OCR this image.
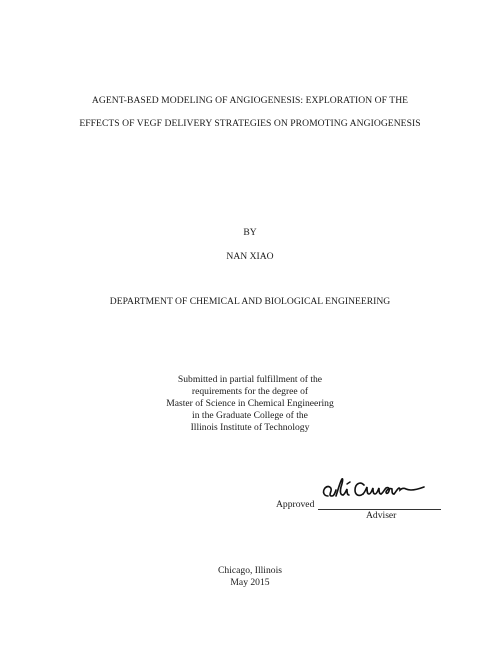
AGENT-BASED MODELING OF ANGIOGENESIS: EXPLORATION OF THE
EFFECTS OF VEGF DELIVERY STRATEGIES ON PROMOTING ANGIOGENESIS
BY
NAN XIAO
DEPARTMENT OF CHEMICAL AND BIOLOGICAL ENGINEERING
Submitted in partial fulfillment of the
requirements for the degree of
Master of Science in Chemical Engineering
in the Graduate College of the
Illinois Institute of Technology
Approved
Ali Cinar
Adviser
Chicago, Illinois
May 2015
